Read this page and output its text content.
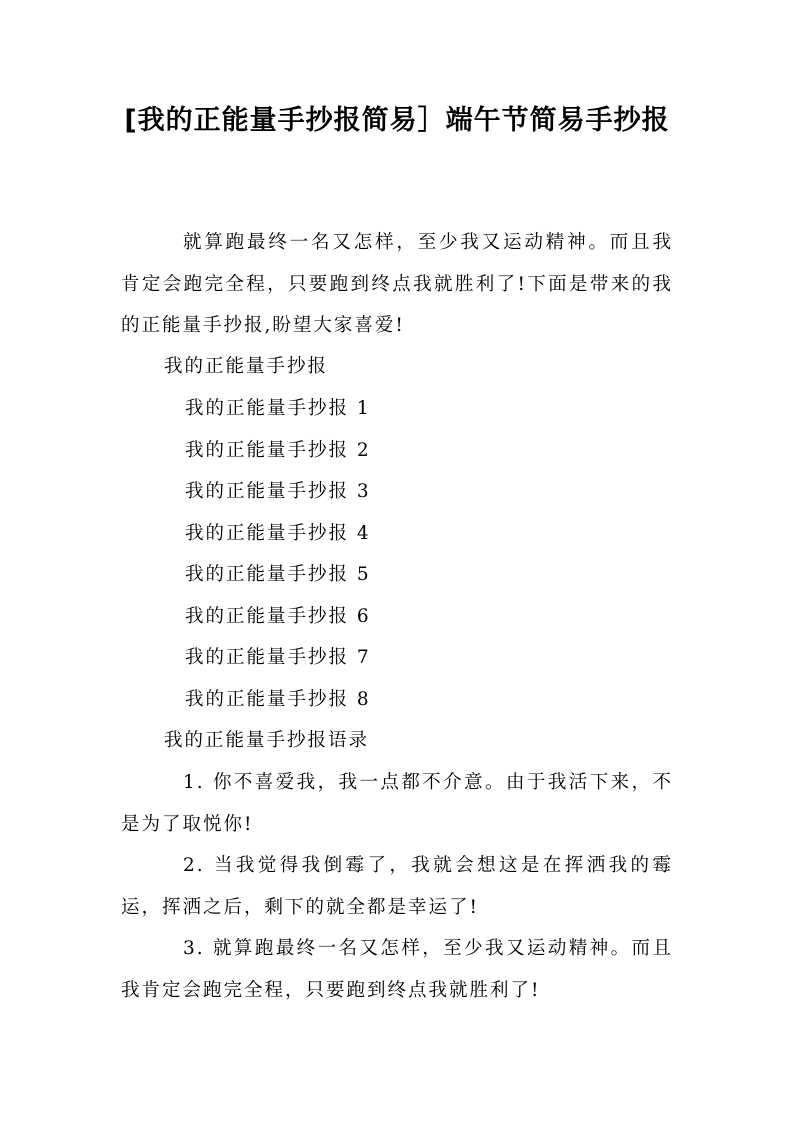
[我的正能量手抄报简易］端午节简易手抄报
就算跑最终一名又怎样，至少我又运动精神。而且我肯定会跑完全程，只要跑到终点我就胜利了!下面是带来的我的正能量手抄报,盼望大家喜爱!
我的正能量手抄报
我的正能量手抄报 1
我的正能量手抄报 2
我的正能量手抄报 3
我的正能量手抄报 4
我的正能量手抄报 5
我的正能量手抄报 6
我的正能量手抄报 7
我的正能量手抄报 8
我的正能量手抄报语录
1. 你不喜爱我，我一点都不介意。由于我活下来，不是为了取悦你!
2. 当我觉得我倒霉了，我就会想这是在挥洒我的霉运，挥洒之后，剩下的就全都是幸运了!
3. 就算跑最终一名又怎样，至少我又运动精神。而且我肯定会跑完全程，只要跑到终点我就胜利了!
